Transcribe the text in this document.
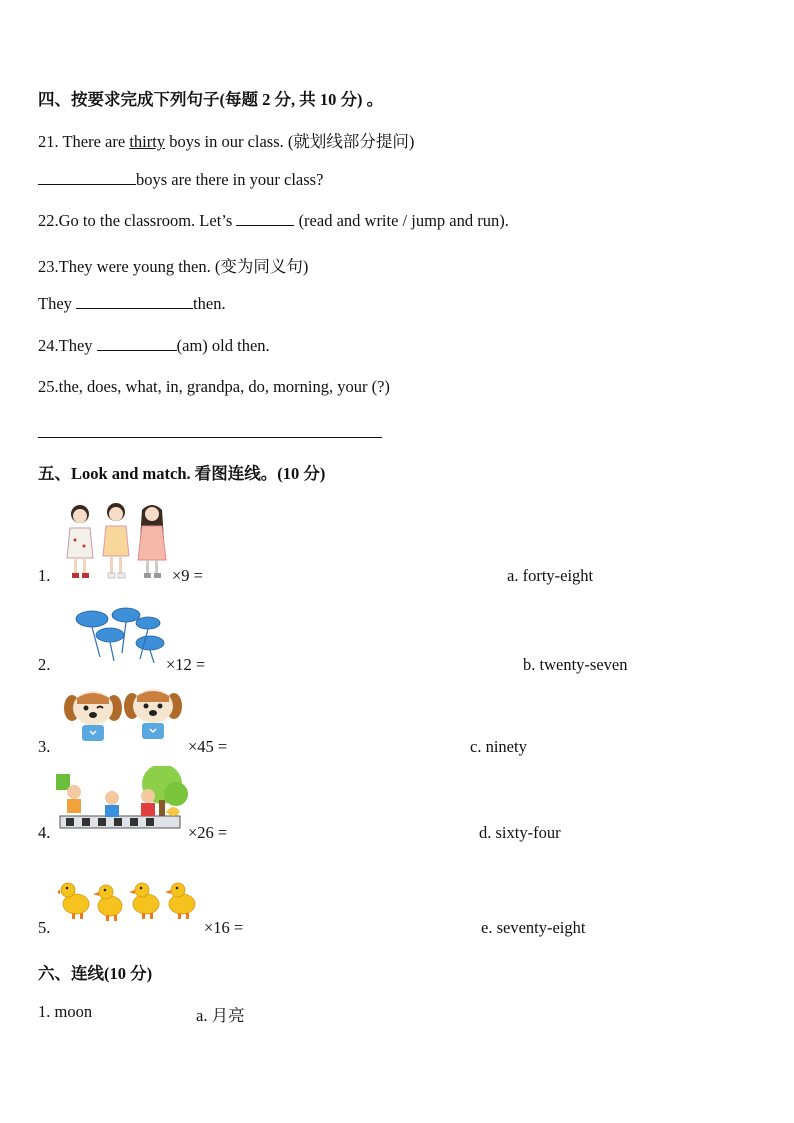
四、按要求完成下列句子(每题 2 分, 共 10 分) 。
21. There are thirty boys in our class. (就划线部分提问)
boys are there in your class?
22.Go to the classroom. Let’s	(read and write / jump and run).
23.They were young then. (变为同义句)
They	then.
24.They	(am) old then.
25.the, does, what, in, grandpa, do, morning, your (?)
五、Look and match. 看图连线。(10 分)
1.	×9 =	a. forty-eight
2.	×12 =	b. twenty-seven
3.	×45 =	c. ninety
4.	×26 =	d. sixty-four
5.	×16 =	e. seventy-eight
六、连线(10 分)
1. moon	a. 月亮
